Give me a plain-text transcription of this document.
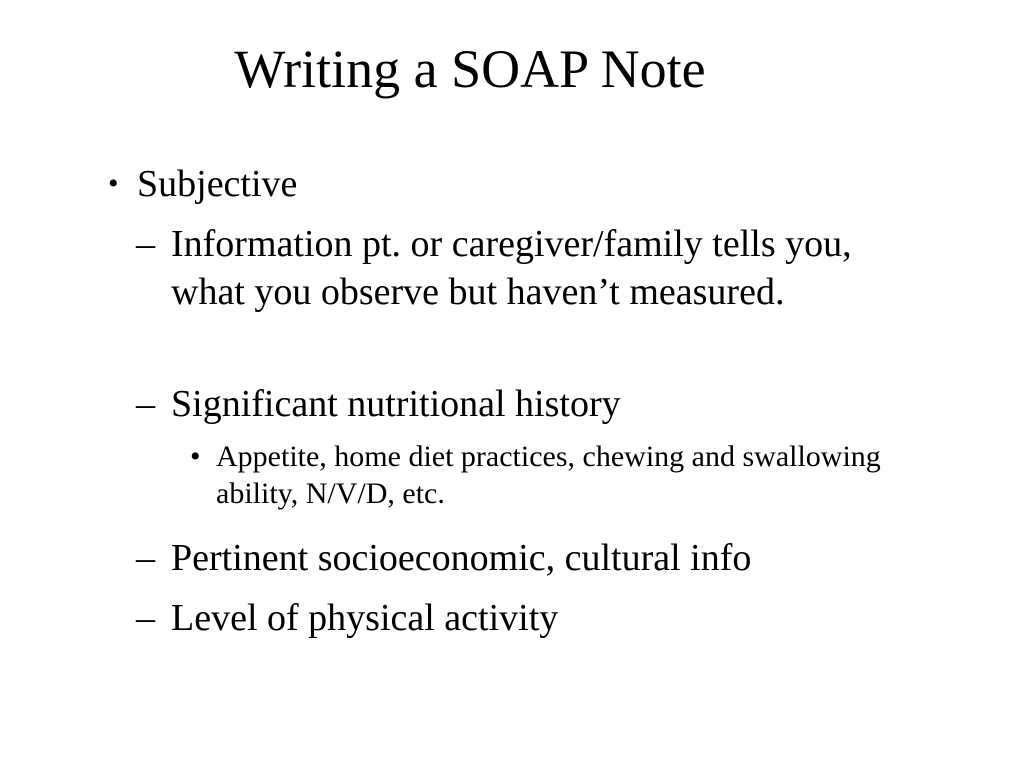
Writing a SOAP Note
• Subjective
– Information pt. or caregiver/family tells you, what you observe but haven’t measured.
– Significant nutritional history
• Appetite, home diet practices, chewing and swallowing ability, N/V/D, etc.
– Pertinent socioeconomic, cultural info
– Level of physical activity
